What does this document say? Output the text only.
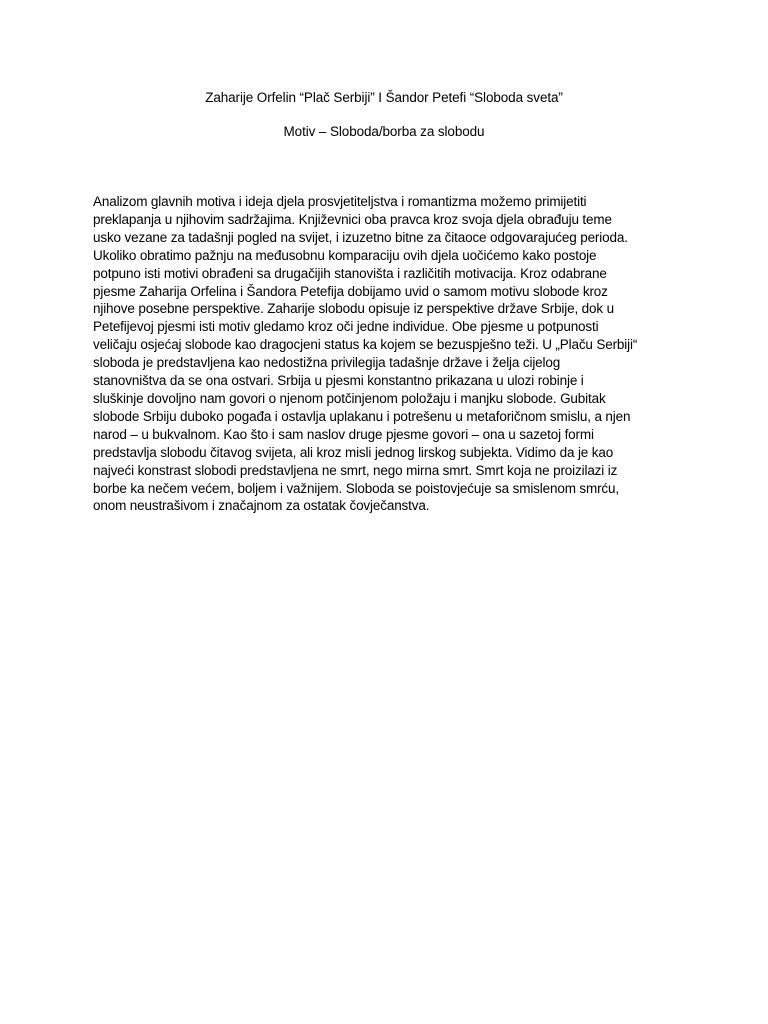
Zaharije Orfelin “Plač Serbiji” I Šandor Petefi “Sloboda sveta”
Motiv – Sloboda/borba za slobodu
Analizom glavnih motiva i ideja djela prosvjetiteljstva i romantizma možemo primijetiti
preklapanja u njihovim sadržajima. Književnici oba pravca kroz svoja djela obrađuju teme
usko vezane za tadašnji pogled na svijet, i izuzetno bitne za čitaoce odgovarajućeg perioda.
Ukoliko obratimo pažnju na međusobnu komparaciju ovih djela uočićemo kako postoje
potpuno isti motivi obrađeni sa drugačijih stanovišta i različitih motivacija. Kroz odabrane
pjesme Zaharija Orfelina i Šandora Petefija dobijamo uvid o samom motivu slobode kroz
njihove posebne perspektive. Zaharije slobodu opisuje iz perspektive države Srbije, dok u
Petefijevoj pjesmi isti motiv gledamo kroz oči jedne individue. Obe pjesme u potpunosti
veličaju osjećaj slobode kao dragocjeni status ka kojem se bezuspješno teži. U „Plaču Serbiji“
sloboda je predstavljena kao nedostižna privilegija tadašnje države i želja cijelog
stanovništva da se ona ostvari. Srbija u pjesmi konstantno prikazana u ulozi robinje i
sluškinje dovoljno nam govori o njenom potčinjenom položaju i manjku slobode. Gubitak
slobode Srbiju duboko pogađa i ostavlja uplakanu i potrešenu u metaforičnom smislu, a njen
narod – u bukvalnom. Kao što i sam naslov druge pjesme govori – ona u sazetoj formi
predstavlja slobodu čitavog svijeta, ali kroz misli jednog lirskog subjekta. Vidimo da je kao
najveći konstrast slobodi predstavljena ne smrt, nego mirna smrt. Smrt koja ne proizilazi iz
borbe ka nečem većem, boljem i važnijem. Sloboda se poistovjećuje sa smislenom smrću,
onom neustrašivom i značajnom za ostatak čovječanstva.
